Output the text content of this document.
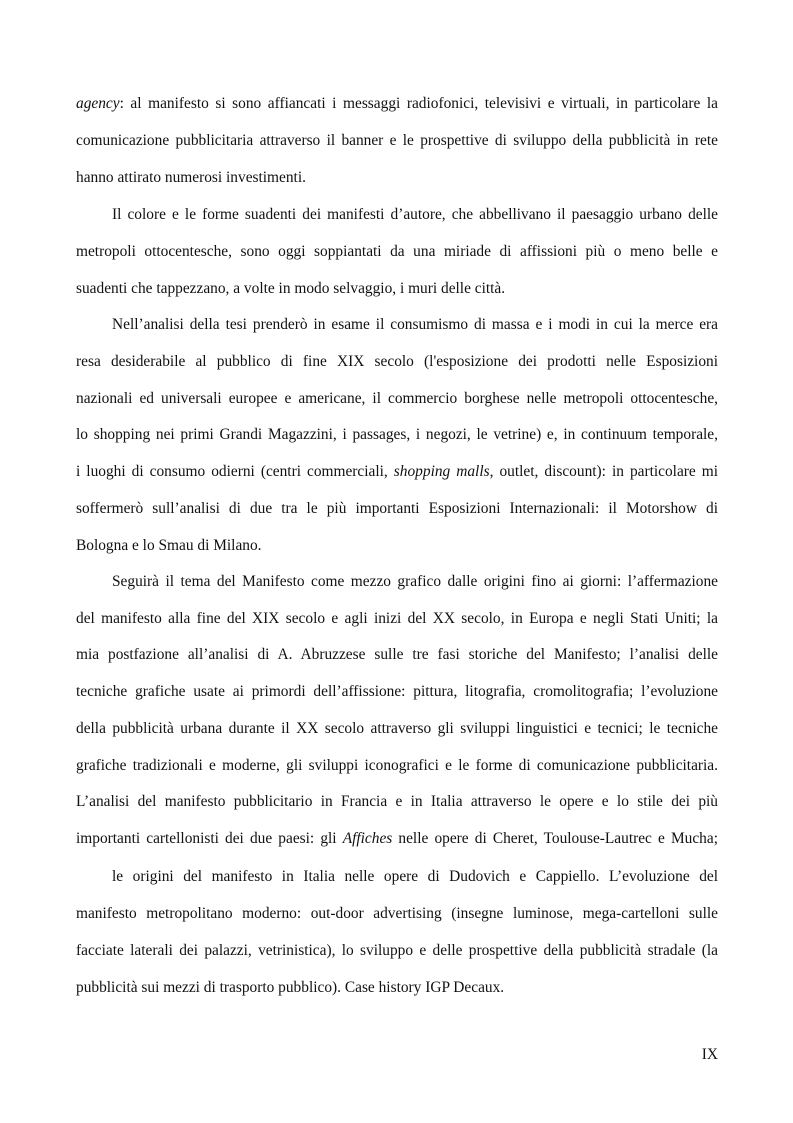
agency: al manifesto si sono affiancati i messaggi radiofonici, televisivi e virtuali, in particolare la
comunicazione pubblicitaria attraverso il banner e le prospettive di sviluppo della pubblicità in rete
hanno attirato numerosi investimenti.
Il colore e le forme suadenti dei manifesti d’autore, che abbellivano il paesaggio urbano delle
metropoli ottocentesche, sono oggi soppiantati da una miriade di affissioni più o meno belle e
suadenti che tappezzano, a volte in modo selvaggio, i muri delle città.
Nell’analisi della tesi prenderò in esame il consumismo di massa e i modi in cui la merce era
resa desiderabile al pubblico di fine XIX secolo (l'esposizione dei prodotti nelle Esposizioni
nazionali ed universali europee e americane, il commercio borghese nelle metropoli ottocentesche,
lo shopping nei primi Grandi Magazzini, i passages, i negozi, le vetrine) e, in continuum temporale,
i luoghi di consumo odierni (centri commerciali, shopping malls, outlet, discount): in particolare mi
soffermerò sull’analisi di due tra le più importanti Esposizioni Internazionali: il Motorshow di
Bologna e lo Smau di Milano.
Seguirà il tema del Manifesto come mezzo grafico dalle origini fino ai giorni: l’affermazione
del manifesto alla fine del XIX secolo e agli inizi del XX secolo, in Europa e negli Stati Uniti; la
mia postfazione all’analisi di A. Abruzzese sulle tre fasi storiche del Manifesto; l’analisi delle
tecniche grafiche usate ai primordi dell’affissione: pittura, litografia, cromolitografia; l’evoluzione
della pubblicità urbana durante il XX secolo attraverso gli sviluppi linguistici e tecnici; le tecniche
grafiche tradizionali e moderne, gli sviluppi iconografici e le forme di comunicazione pubblicitaria.
L’analisi del manifesto pubblicitario in Francia e in Italia attraverso le opere e lo stile dei più
importanti cartellonisti dei due paesi: gli Affiches nelle opere di Cheret, Toulouse-Lautrec e Mucha;
le origini del manifesto in Italia nelle opere di Dudovich e Cappiello. L’evoluzione del
manifesto metropolitano moderno: out-door advertising (insegne luminose, mega-cartelloni sulle
facciate laterali dei palazzi, vetrinistica), lo sviluppo e delle prospettive della pubblicità stradale (la
pubblicità sui mezzi di trasporto pubblico). Case history IGP Decaux.
IX
